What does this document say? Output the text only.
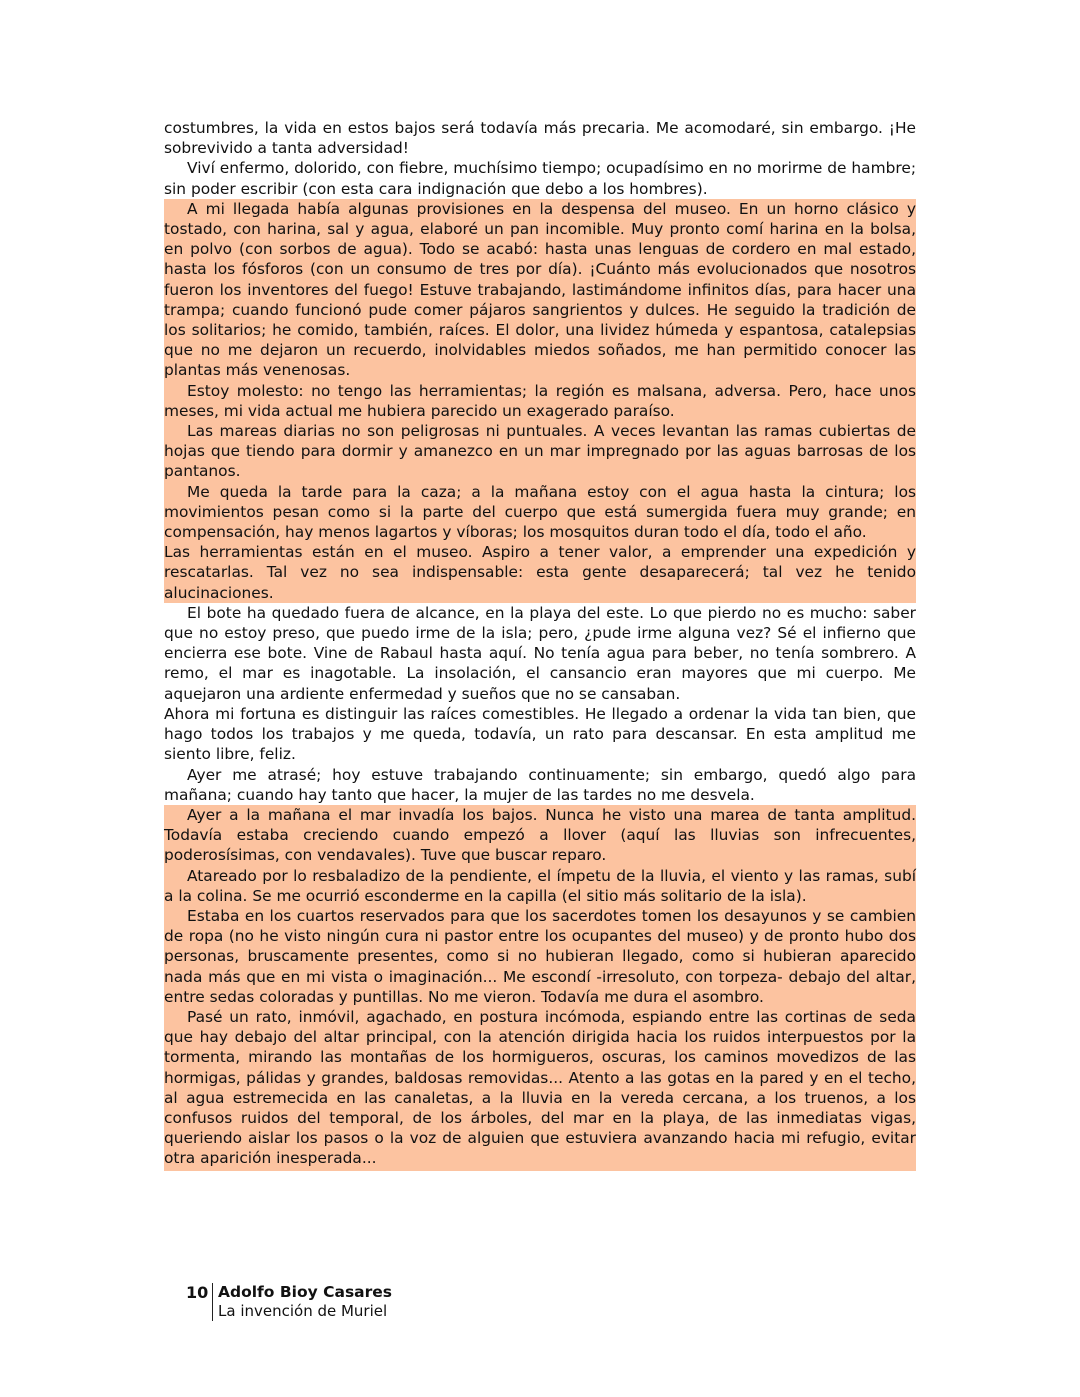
costumbres, la vida en estos bajos será todavía más precaria. Me acomodaré, sin embargo. ¡He sobrevivido a tanta adversidad!

Viví enfermo, dolorido, con fiebre, muchísimo tiempo; ocupadísimo en no morirme de hambre; sin poder escribir (con esta cara indignación que debo a los hombres).

A mi llegada había algunas provisiones en la despensa del museo. En un horno clásico y tostado, con harina, sal y agua, elaboré un pan incomible. Muy pronto comí harina en la bolsa, en polvo (con sorbos de agua). Todo se acabó: hasta unas lenguas de cordero en mal estado, hasta los fósforos (con un consumo de tres por día). ¡Cuánto más evolucionados que nosotros fueron los inventores del fuego! Estuve trabajando, lastimándome infinitos días, para hacer una trampa; cuando funcionó pude comer pájaros sangrientos y dulces. He seguido la tradición de los solitarios; he comido, también, raíces. El dolor, una lividez húmeda y espantosa, catalepsias que no me dejaron un recuerdo, inolvidables miedos soñados, me han permitido conocer las plantas más venenosas.

Estoy molesto: no tengo las herramientas; la región es malsana, adversa. Pero, hace unos meses, mi vida actual me hubiera parecido un exagerado paraíso.

Las mareas diarias no son peligrosas ni puntuales. A veces levantan las ramas cubiertas de hojas que tiendo para dormir y amanezco en un mar impregnado por las aguas barrosas de los pantanos.

Me queda la tarde para la caza; a la mañana estoy con el agua hasta la cintura; los movimientos pesan como si la parte del cuerpo que está sumergida fuera muy grande; en compensación, hay menos lagartos y víboras; los mosquitos duran todo el día, todo el año.

Las herramientas están en el museo. Aspiro a tener valor, a emprender una expedición y rescatarlas. Tal vez no sea indispensable: esta gente desaparecerá; tal vez he tenido alucinaciones.

El bote ha quedado fuera de alcance, en la playa del este. Lo que pierdo no es mucho: saber que no estoy preso, que puedo irme de la isla; pero, ¿pude irme alguna vez? Sé el infierno que encierra ese bote. Vine de Rabaul hasta aquí. No tenía agua para beber, no tenía sombrero. A remo, el mar es inagotable. La insolación, el cansancio eran mayores que mi cuerpo. Me aquejaron una ardiente enfermedad y sueños que no se cansaban.

Ahora mi fortuna es distinguir las raíces comestibles. He llegado a ordenar la vida tan bien, que hago todos los trabajos y me queda, todavía, un rato para descansar. En esta amplitud me siento libre, feliz.

Ayer me atrasé; hoy estuve trabajando continuamente; sin embargo, quedó algo para mañana; cuando hay tanto que hacer, la mujer de las tardes no me desvela.

Ayer a la mañana el mar invadía los bajos. Nunca he visto una marea de tanta amplitud. Todavía estaba creciendo cuando empezó a llover (aquí las lluvias son infrecuentes, poderosísimas, con vendavales). Tuve que buscar reparo.

Atareado por lo resbaladizo de la pendiente, el ímpetu de la lluvia, el viento y las ramas, subí a la colina. Se me ocurrió esconderme en la capilla (el sitio más solitario de la isla).

Estaba en los cuartos reservados para que los sacerdotes tomen los desayunos y se cambien de ropa (no he visto ningún cura ni pastor entre los ocupantes del museo) y de pronto hubo dos personas, bruscamente presentes, como si no hubieran llegado, como si hubieran aparecido nada más que en mi vista o imaginación... Me escondí -irresoluto, con torpeza- debajo del altar, entre sedas coloradas y puntillas. No me vieron. Todavía me dura el asombro.

Pasé un rato, inmóvil, agachado, en postura incómoda, espiando entre las cortinas de seda que hay debajo del altar principal, con la atención dirigida hacia los ruidos interpuestos por la tormenta, mirando las montañas de los hormigueros, oscuras, los caminos movedizos de las hormigas, pálidas y grandes, baldosas removidas... Atento a las gotas en la pared y en el techo, al agua estremecida en las canaletas, a la lluvia en la vereda cercana, a los truenos, a los confusos ruidos del temporal, de los árboles, del mar en la playa, de las inmediatas vigas, queriendo aislar los pasos o la voz de alguien que estuviera avanzando hacia mi refugio, evitar otra aparición inesperada...

10 Adolfo Bioy Casares
La invención de Muriel
